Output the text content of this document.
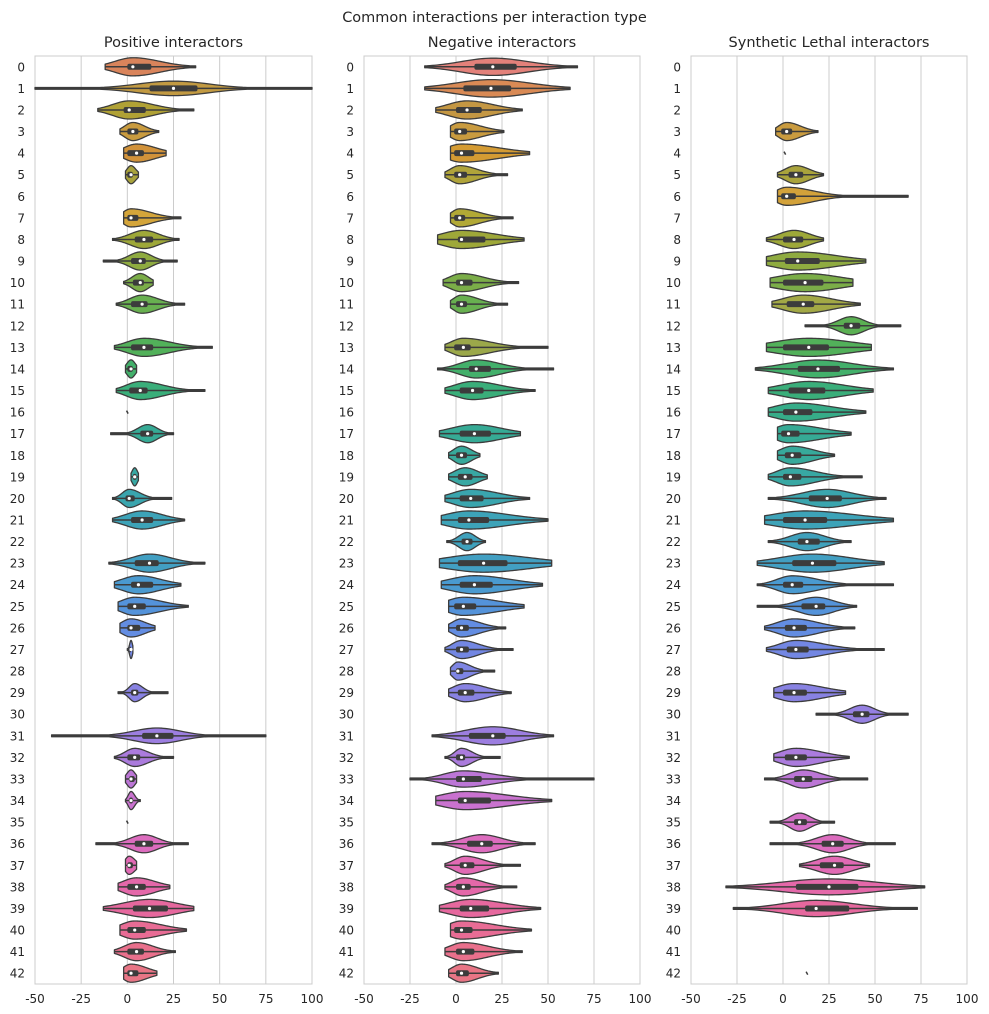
Common interactions per interaction type
Positive interactors
-50 -25	0	25	50	75 100
0
1
2
3
4
5
6
7
8
9
10
11
12
13
14
15
16
17
18
19
20
21
22
23
24
25
26
27
28
29
30
31
32
33
34
35
36
37
38
39
40
41
42
Negative interactors
-50 -25	0	25	50	75 100
0
1
2
3
4
5
6
7
8
9
10
11
12
13
14
15
16
17
18
19
20
21
22
23
24
25
26
27
28
29
30
31
32
33
34
35
36
37
38
39
40
41
42
Synthetic Lethal interactors
-50 -25	0	25	50	75 100
0
1
2
3
4
5
6
7
8
9
10
11
12
13
14
15
16
17
18
19
20
21
22
23
24
25
26
27
28
29
30
31
32
33
34
35
36
37
38
39
40
41
42
